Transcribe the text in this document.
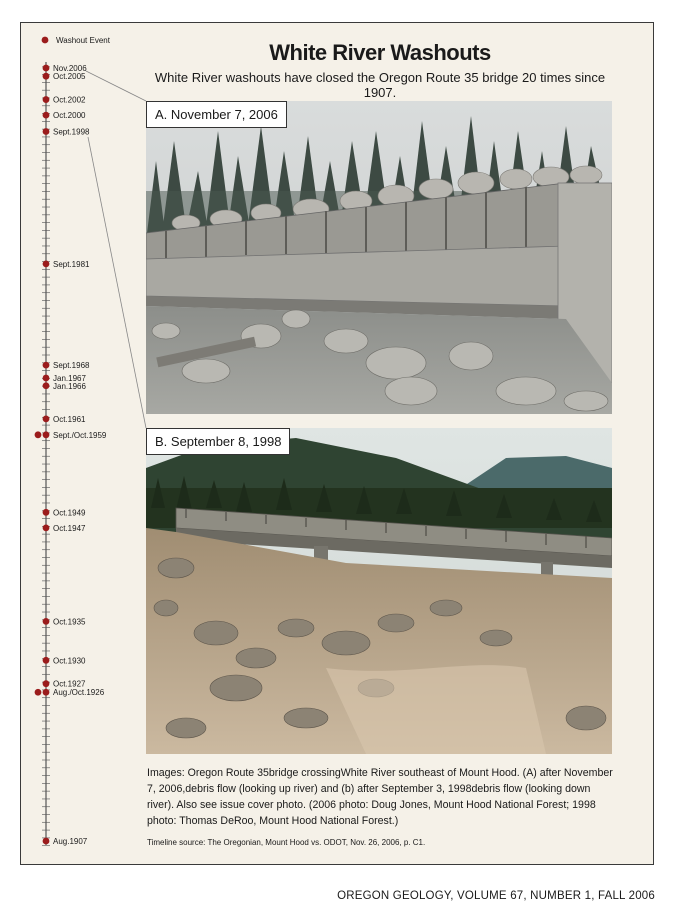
Nov.2006
Oct.2005
Oct.2002
Oct.2000
Sept.1998
Sept.1981
Sept.1968
Jan.1967
Jan.1966
Oct.1961
Sept./Oct.1959
Oct.1949
Oct.1947
Oct.1935
Oct.1930
Oct.1927
Aug./Oct.1926
Aug.1907
Washout Event	White River Washouts

White River washouts have closed the Oregon Route 35 bridge 20 times since 1907.

A. November 7, 2006
B. September 8, 1998

Images: Oregon Route 35bridge crossingWhite River southeast of Mount Hood. (A) after November 7, 2006,debris flow (looking up river) and (b) after September 3, 1998debris flow (looking down river). Also see issue cover photo. (2006 photo: Doug Jones, Mount Hood National Forest; 1998 photo: Thomas DeRoo, Mount Hood National Forest.)

Timeline source: The Oregonian, Mount Hood vs. ODOT, Nov. 26, 2006, p. C1.

OREGON GEOLOGY, VOLUME 67, NUMBER 1, FALL 2006
